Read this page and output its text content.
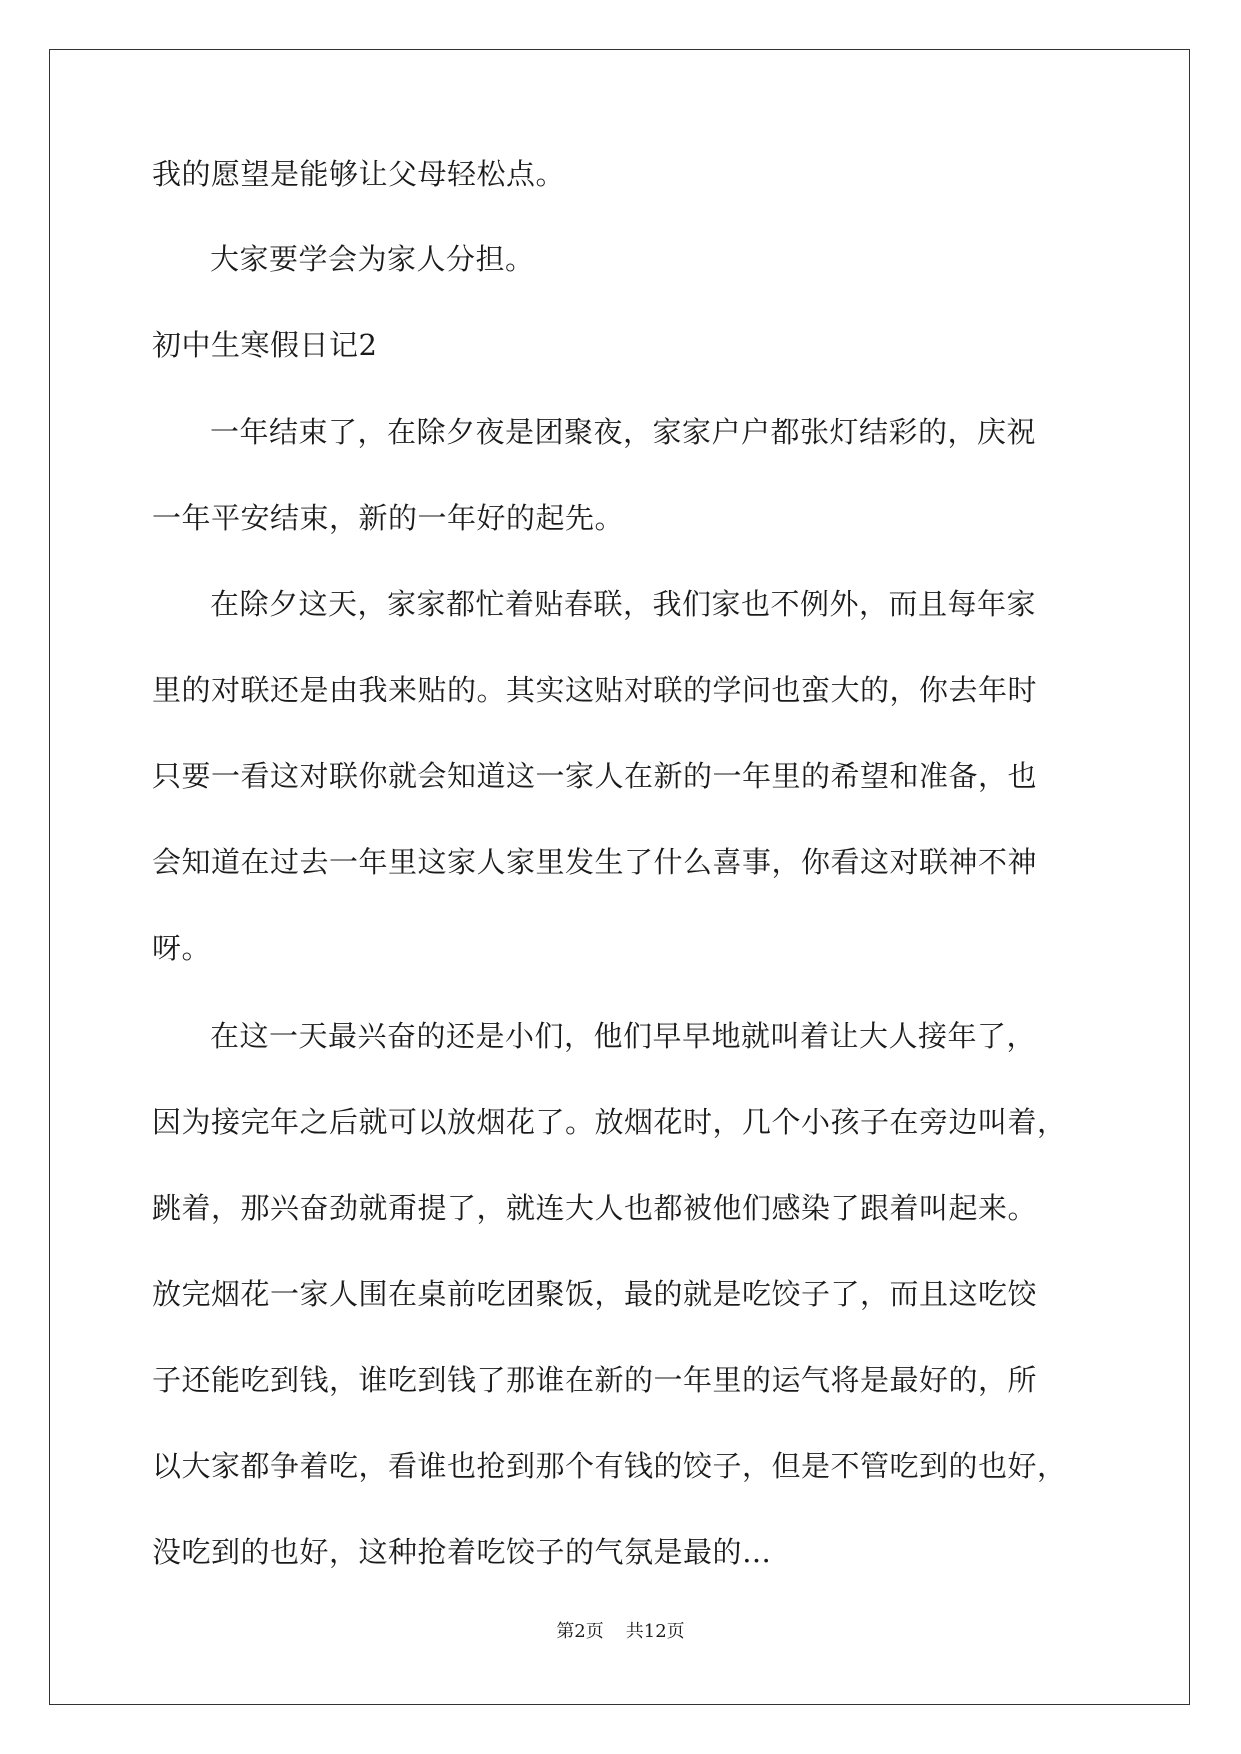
我的愿望是能够让父母轻松点。

大家要学会为家人分担。

初中生寒假日记2

一年结束了，在除夕夜是团聚夜，家家户户都张灯结彩的，庆祝

一年平安结束，新的一年好的起先。

在除夕这天，家家都忙着贴春联，我们家也不例外，而且每年家

里的对联还是由我来贴的。其实这贴对联的学问也蛮大的，你去年时

只要一看这对联你就会知道这一家人在新的一年里的希望和准备，也

会知道在过去一年里这家人家里发生了什么喜事，你看这对联神不神

呀。

在这一天最兴奋的还是小们，他们早早地就叫着让大人接年了，

因为接完年之后就可以放烟花了。放烟花时，几个小孩子在旁边叫着，

跳着，那兴奋劲就甭提了，就连大人也都被他们感染了跟着叫起来。

放完烟花一家人围在桌前吃团聚饭，最的就是吃饺子了，而且这吃饺

子还能吃到钱，谁吃到钱了那谁在新的一年里的运气将是最好的，所

以大家都争着吃，看谁也抢到那个有钱的饺子，但是不管吃到的也好，

没吃到的也好，这种抢着吃饺子的气氛是最的…

第2页 共12页
